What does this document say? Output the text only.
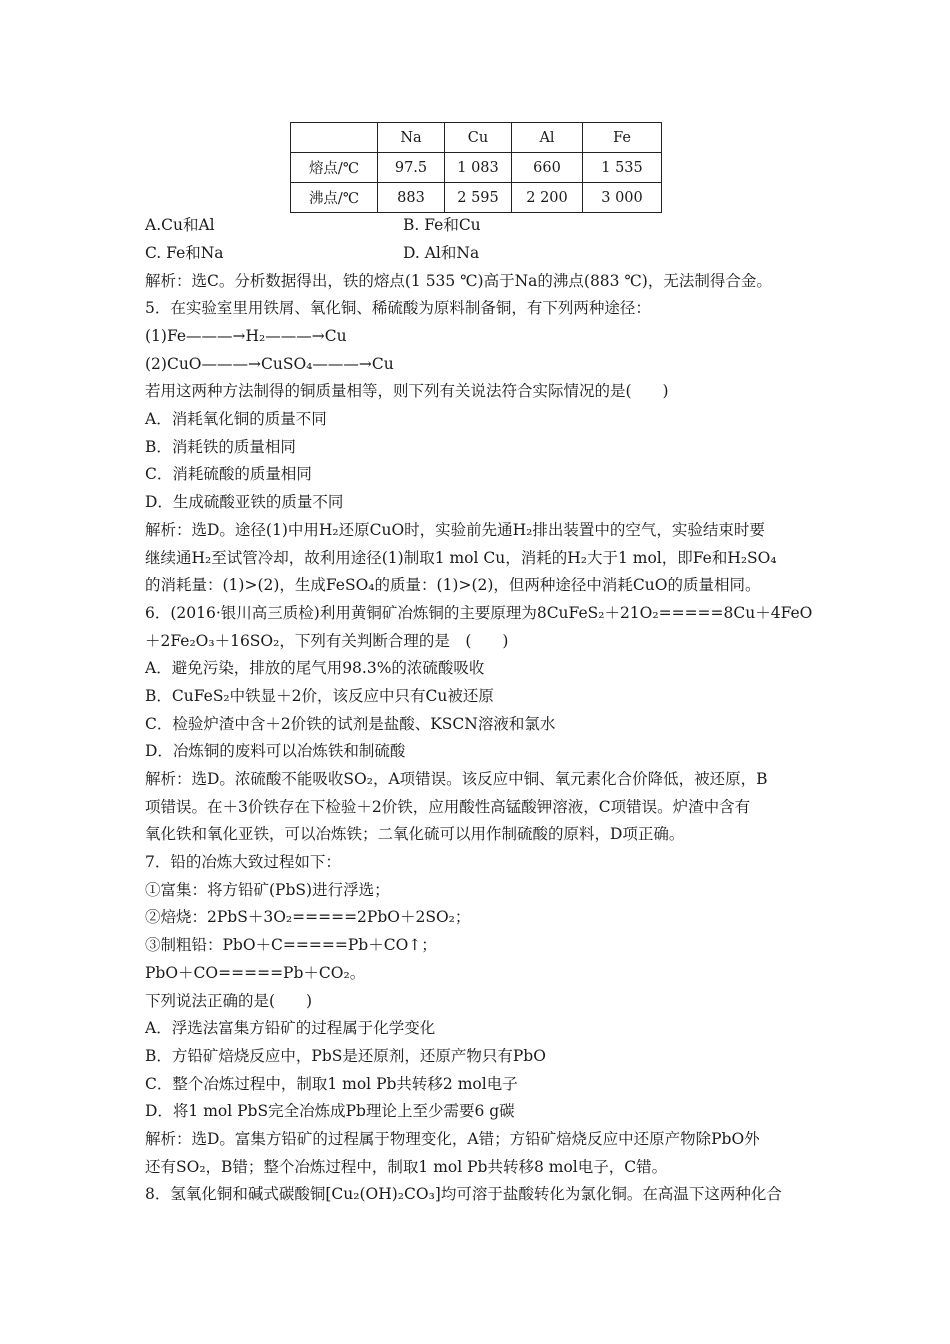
	Na	Cu	Al	Fe
熔点/℃	97.5	1 083	660	1 535
沸点/℃	883	2 595	2 200	3 000
A.Cu和Al	B. Fe和Cu
C. Fe和Na	D. Al和Na
解析：选C。分析数据得出，铁的熔点(1 535 ℃)高于Na的沸点(883 ℃)，无法制得合金。
5．在实验室里用铁屑、氧化铜、稀硫酸为原料制备铜，有下列两种途径：
(1)Fe———→H₂———→Cu
(2)CuO———→CuSO₄———→Cu
若用这两种方法制得的铜质量相等，则下列有关说法符合实际情况的是(　　)
A．消耗氧化铜的质量不同
B．消耗铁的质量相同
C．消耗硫酸的质量相同
D．生成硫酸亚铁的质量不同
解析：选D。途径(1)中用H₂还原CuO时，实验前先通H₂排出装置中的空气，实验结束时要
继续通H₂至试管冷却，故利用途径(1)制取1 mol Cu，消耗的H₂大于1 mol，即Fe和H₂SO₄
的消耗量：(1)>(2)，生成FeSO₄的质量：(1)>(2)，但两种途径中消耗CuO的质量相同。
6．(2016·银川高三质检)利用黄铜矿冶炼铜的主要原理为8CuFeS₂＋21O₂=====8Cu＋4FeO
＋2Fe₂O₃＋16SO₂，下列有关判断合理的是　(　　)
A．避免污染，排放的尾气用98.3%的浓硫酸吸收
B．CuFeS₂中铁显＋2价，该反应中只有Cu被还原
C．检验炉渣中含＋2价铁的试剂是盐酸、KSCN溶液和氯水
D．冶炼铜的废料可以冶炼铁和制硫酸
解析：选D。浓硫酸不能吸收SO₂，A项错误。该反应中铜、氧元素化合价降低，被还原，B
项错误。在＋3价铁存在下检验＋2价铁，应用酸性高锰酸钾溶液，C项错误。炉渣中含有
氧化铁和氧化亚铁，可以冶炼铁；二氧化硫可以用作制硫酸的原料，D项正确。
7．铅的冶炼大致过程如下：
①富集：将方铅矿(PbS)进行浮选；
②焙烧：2PbS＋3O₂=====2PbO＋2SO₂；
③制粗铅：PbO＋C=====Pb＋CO↑；
PbO＋CO=====Pb＋CO₂。
下列说法正确的是(　　)
A．浮选法富集方铅矿的过程属于化学变化
B．方铅矿焙烧反应中，PbS是还原剂，还原产物只有PbO
C．整个冶炼过程中，制取1 mol Pb共转移2 mol电子
D．将1 mol PbS完全冶炼成Pb理论上至少需要6 g碳
解析：选D。富集方铅矿的过程属于物理变化，A错；方铅矿焙烧反应中还原产物除PbO外
还有SO₂，B错；整个冶炼过程中，制取1 mol Pb共转移8 mol电子，C错。
8．氢氧化铜和碱式碳酸铜[Cu₂(OH)₂CO₃]均可溶于盐酸转化为氯化铜。在高温下这两种化合
